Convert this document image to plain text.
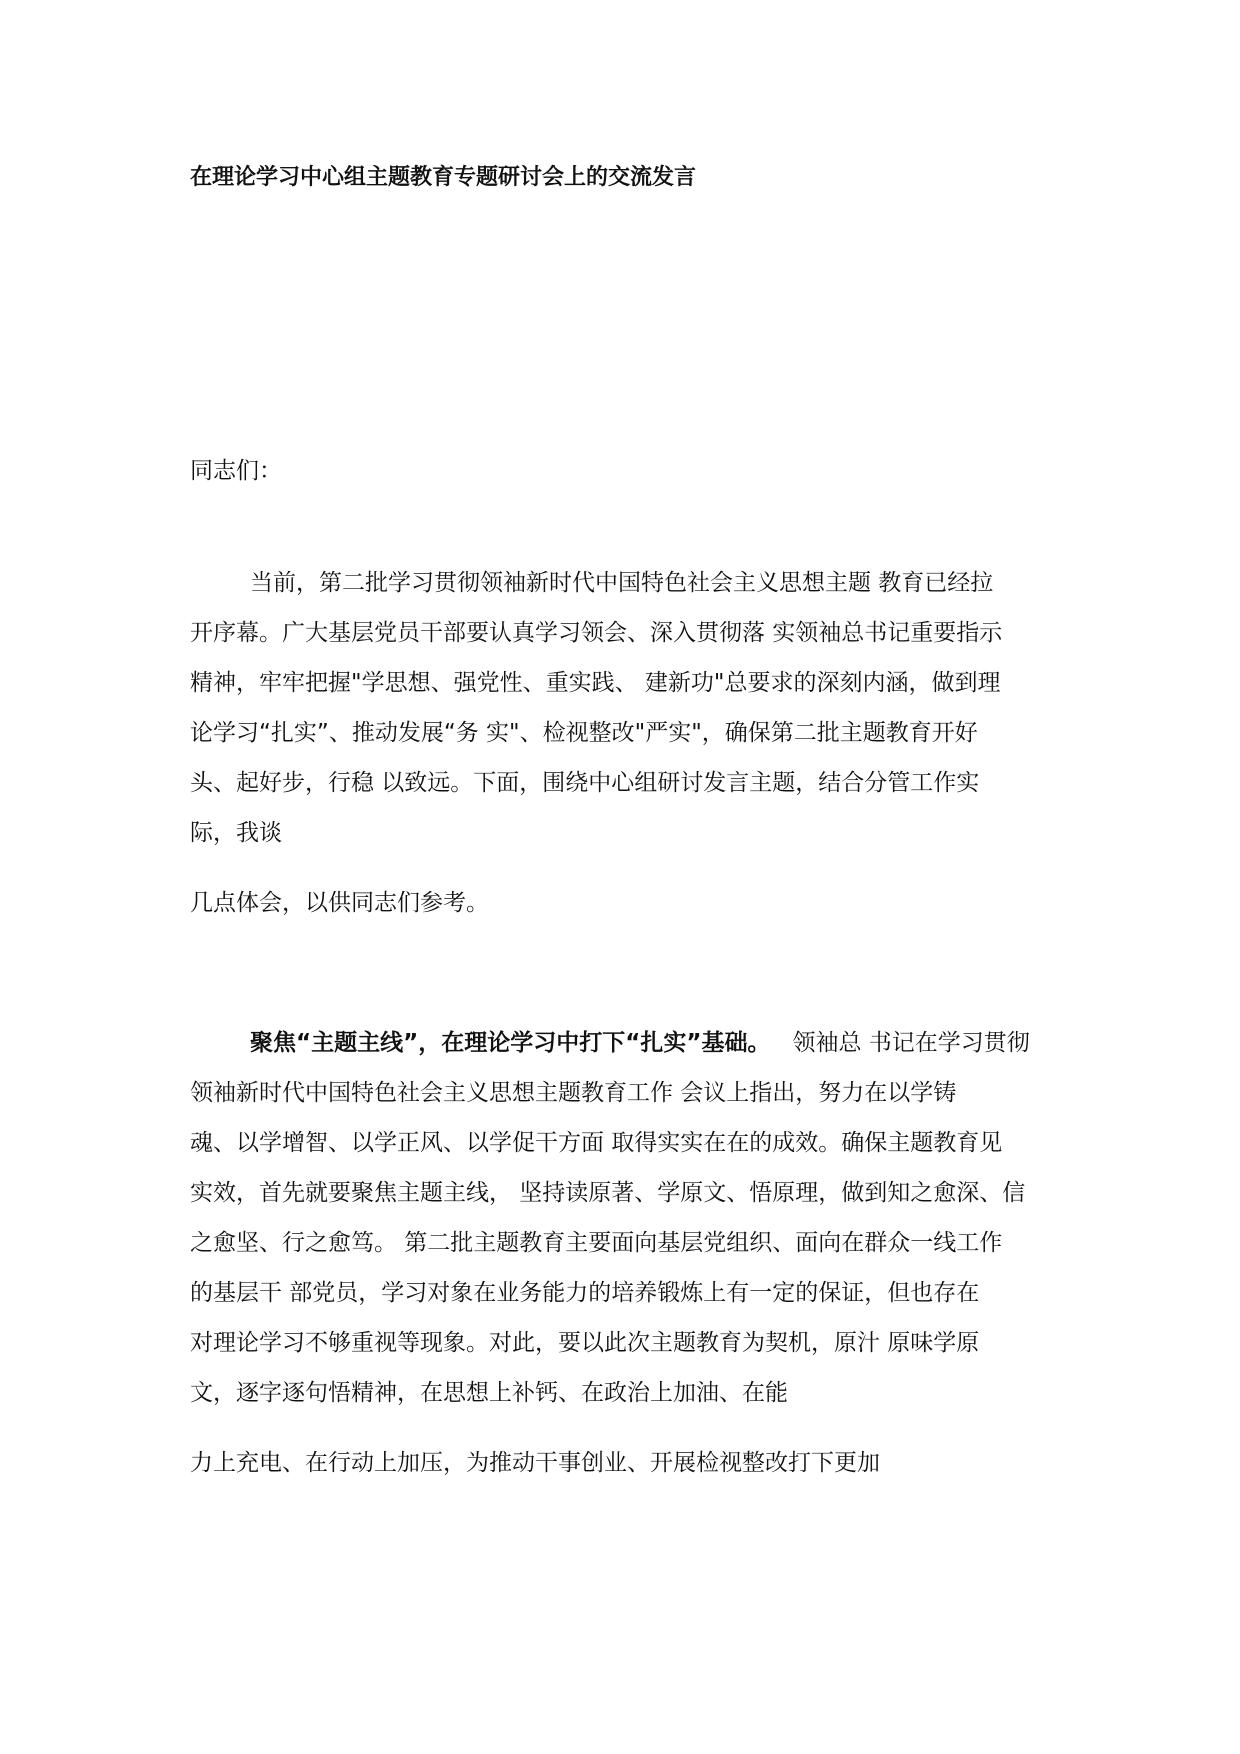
在理论学习中心组主题教育专题研讨会上的交流发言

同志们：

当前，第二批学习贯彻领袖新时代中国特色社会主义思想主题 教育已经拉

开序幕。广大基层党员干部要认真学习领会、深入贯彻落 实领袖总书记重要指示

精神，牢牢把握"学思想、强党性、重实践、 建新功"总要求的深刻内涵，做到理

论学习“扎实”、推动发展“务 实"、检视整改"严实"，确保第二批主题教育开好

头、起好步，行稳 以致远。下面，围绕中心组研讨发言主题，结合分管工作实

际，我谈

几点体会，以供同志们参考。

聚焦“主题主线”，在理论学习中打下“扎实”基础。 领袖总 书记在学习贯彻

领袖新时代中国特色社会主义思想主题教育工作 会议上指出，努力在以学铸

魂、以学增智、以学正风、以学促干方面 取得实实在在的成效。确保主题教育见

实效，首先就要聚焦主题主线， 坚持读原著、学原文、悟原理，做到知之愈深、信

之愈坚、行之愈笃。 第二批主题教育主要面向基层党组织、面向在群众一线工作

的基层干 部党员，学习对象在业务能力的培养锻炼上有一定的保证，但也存在

对理论学习不够重视等现象。对此，要以此次主题教育为契机，原汁 原味学原

文，逐字逐句悟精神，在思想上补钙、在政治上加油、在能

力上充电、在行动上加压，为推动干事创业、开展检视整改打下更加
